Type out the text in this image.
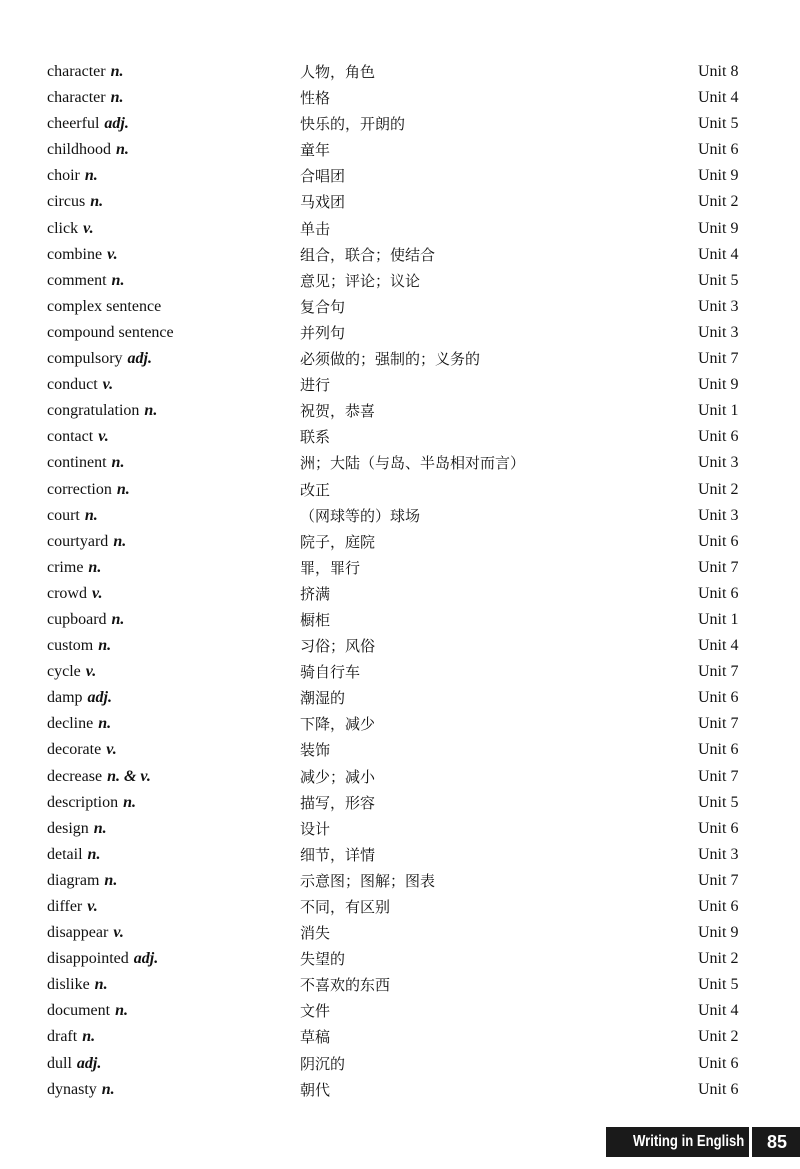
character n.	人物，角色	Unit 8
character n.	性格	Unit 4
cheerful adj.	快乐的，开朗的	Unit 5
childhood n.	童年	Unit 6
choir n.	合唱团	Unit 9
circus n.	马戏团	Unit 2
click v.	单击	Unit 9
combine v.	组合，联合；使结合	Unit 4
comment n.	意见；评论；议论	Unit 5
complex sentence	复合句	Unit 3
compound sentence	并列句	Unit 3
compulsory adj.	必须做的；强制的；义务的	Unit 7
conduct v.	进行	Unit 9
congratulation n.	祝贺，恭喜	Unit 1
contact v.	联系	Unit 6
continent n.	洲；大陆（与岛、半岛相对而言）	Unit 3
correction n.	改正	Unit 2
court n.	（网球等的）球场	Unit 3
courtyard n.	院子，庭院	Unit 6
crime n.	罪，罪行	Unit 7
crowd v.	挤满	Unit 6
cupboard n.	橱柜	Unit 1
custom n.	习俗；风俗	Unit 4
cycle v.	骑自行车	Unit 7
damp adj.	潮湿的	Unit 6
decline n.	下降，减少	Unit 7
decorate v.	装饰	Unit 6
decrease n. & v.	减少；减小	Unit 7
description n.	描写，形容	Unit 5
design n.	设计	Unit 6
detail n.	细节，详情	Unit 3
diagram n.	示意图；图解；图表	Unit 7
differ v.	不同，有区别	Unit 6
disappear v.	消失	Unit 9
disappointed adj.	失望的	Unit 2
dislike n.	不喜欢的东西	Unit 5
document n.	文件	Unit 4
draft n.	草稿	Unit 2
dull adj.	阴沉的	Unit 6
dynasty n.	朝代	Unit 6
Writing in English	85
